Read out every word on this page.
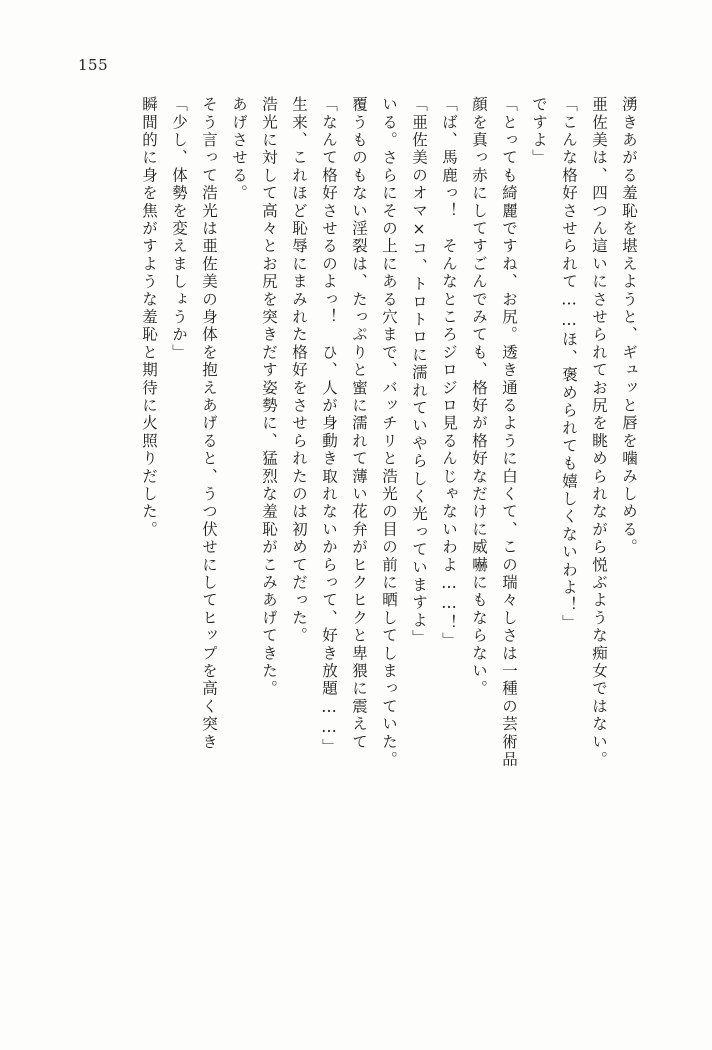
155
瞬間的に身を焦がすような羞恥と期待に火照りだした。 「少し、体勢を変えましょうか」 そう言って浩光は亜佐美の身体を抱えあげると、うつ伏せにしてヒップを高く突き あげさせる。 浩光に対して高々とお尻を突きだす姿勢に、猛烈な羞恥がこみあげてきた。 生来、これほど恥辱にまみれた格好をさせられたのは初めてだった。 「なんて格好させるのよっ！　ひ、人が身動き取れないからって、好き放題……」 覆うものもない淫裂は、たっぷりと蜜に濡れて薄い花弁がヒクヒクと卑猥に震えて いる。さらにその上にある穴まで、バッチリと浩光の目の前に晒してしまっていた。 「亜佐美のオマ×コ、トロトロに濡れていやらしく光っていますよ」 「ば、馬鹿っ！　そんなところジロジロ見るんじゃないわよ……！」 顔を真っ赤にしてすごんでみても、格好が格好なだけに威嚇にもならない。 「とっても綺麗ですね、お尻。透き通るように白くて、この瑞々しさは一種の芸術品 ですよ」 「こんな格好させられて……ほ、褒められても嬉しくないわよ！」 亜佐美は、四つん這いにさせられてお尻を眺められながら悦ぶような痴女ではない。 湧きあがる羞恥を堪えようと、ギュッと唇を噛みしめる。
